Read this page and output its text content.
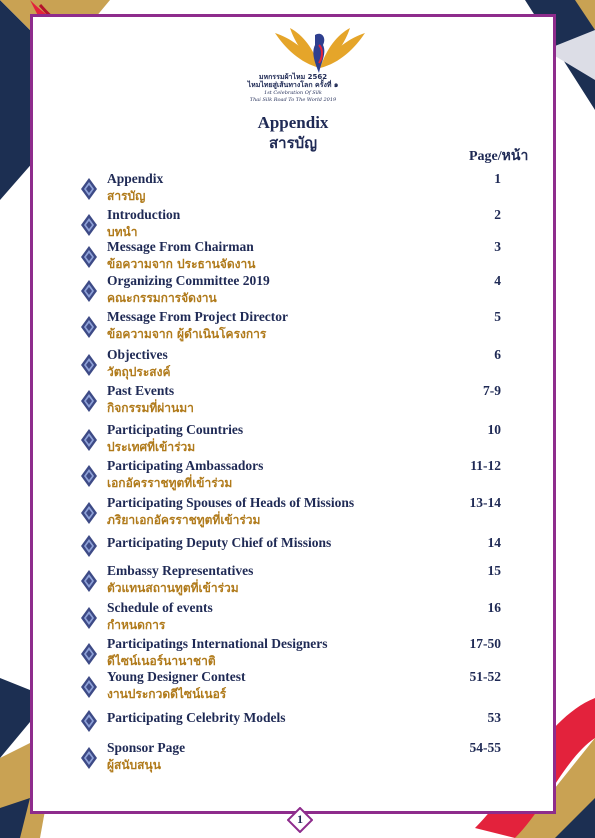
มหกรรมผ้าไหม 2562
ไหมไทยสู่เส้นทางโลก ครั้งที่ ๑
1st Celebration Of Silk
Thai Silk Road To The World 2019
Appendix
สารบัญ
Page/หน้า
Appendix
สารบัญ
1
Introduction
บทนำ
2
Message From Chairman
ข้อความจาก ประธานจัดงาน
3
Organizing Committee 2019
คณะกรรมการจัดงาน
4
Message From Project Director
ข้อความจาก ผู้ดำเนินโครงการ
5
Objectives
วัตถุประสงค์
6
Past Events
กิจกรรมที่ผ่านมา
7-9
Participating Countries
ประเทศที่เข้าร่วม
10
Participating Ambassadors
เอกอัครราชทูตที่เข้าร่วม
11-12
Participating Spouses of Heads of Missions
ภริยาเอกอัครราชทูตที่เข้าร่วม
13-14
Participating Deputy Chief of Missions	14
Embassy Representatives
ตัวแทนสถานทูตที่เข้าร่วม
15
Schedule of events
กำหนดการ
16
Participatings International Designers
ดีไซน์เนอร์นานาชาติ
17-50
Young Designer Contest
งานประกวดดีไซน์เนอร์
51-52
Participating Celebrity Models	53
Sponsor Page
ผู้สนับสนุน
54-55
1
